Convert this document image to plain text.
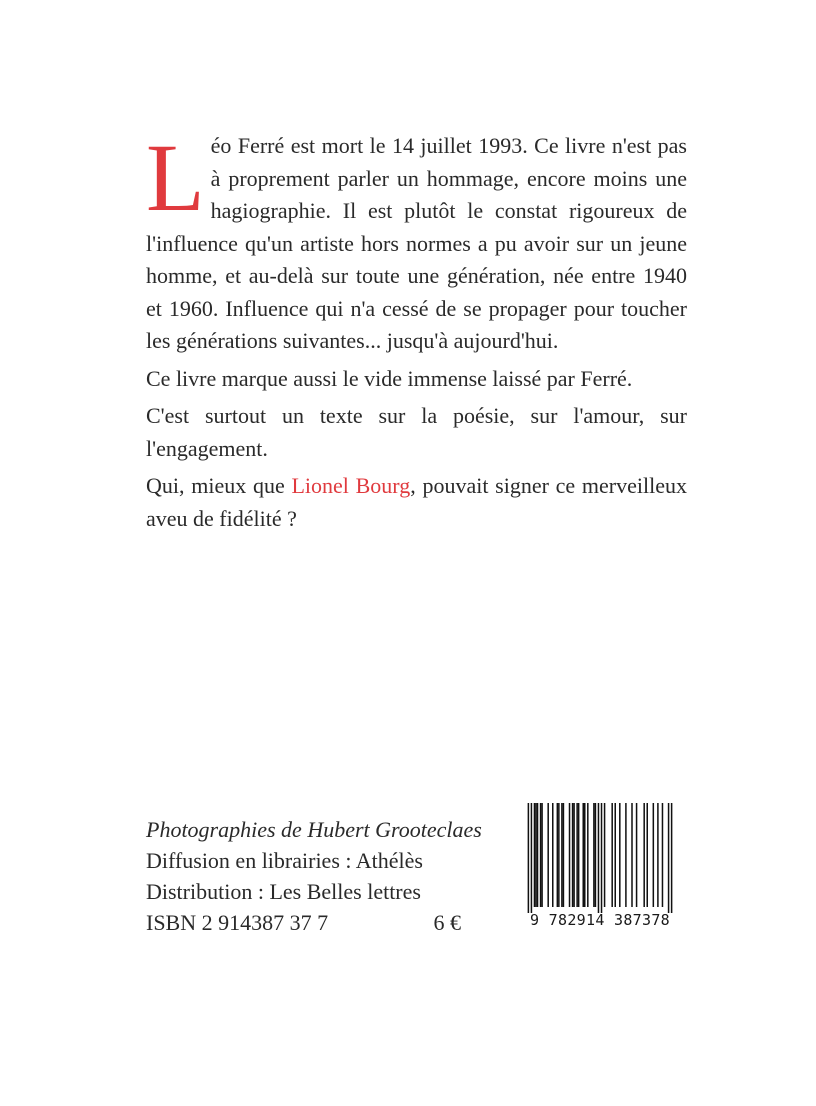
Léo Ferré est mort le 14 juillet 1993. Ce livre n'est pas à proprement parler un hommage, encore moins une hagiographie. Il est plutôt le constat rigoureux de l'influence qu'un artiste hors normes a pu avoir sur un jeune homme, et au-delà sur toute une génération, née entre 1940 et 1960. Influence qui n'a cessé de se propager pour toucher les générations suivantes... jusqu'à aujourd'hui.

Ce livre marque aussi le vide immense laissé par Ferré.

C'est surtout un texte sur la poésie, sur l'amour, sur l'engagement.

Qui, mieux que Lionel Bourg, pouvait signer ce merveilleux aveu de fidélité ?

Photographies de Hubert Grooteclaes
Diffusion en librairies : Athélès
Distribution : Les Belles lettres
ISBN 2 914387 37 7	6 €	9 782914 387378
